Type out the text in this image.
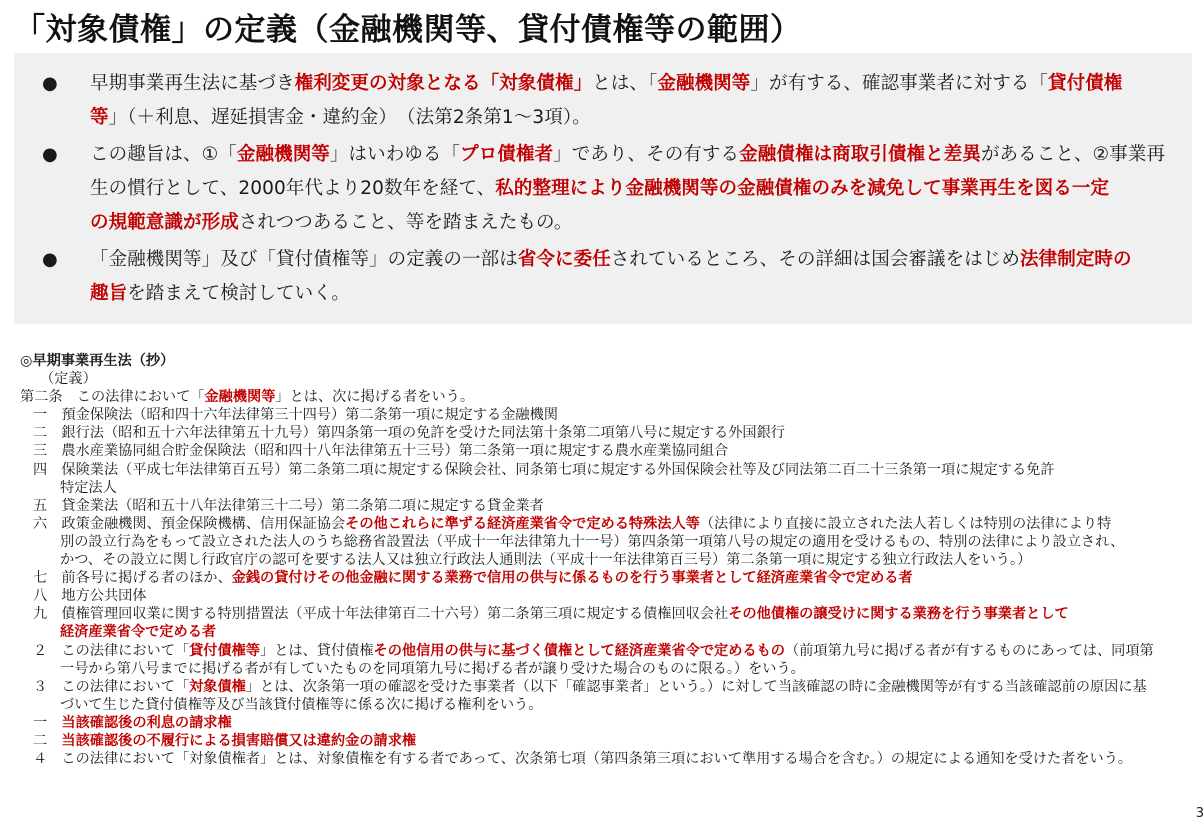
「対象債権」の定義（金融機関等、貸付債権等の範囲）
● 早期事業再生法に基づき権利変更の対象となる「対象債権」とは、「金融機関等」が有する、確認事業者に対する「貸付債権
等」（＋利息、遅延損害金・違約金）　（法第2条第1～3項）。
● この趣旨は、①「金融機関等」はいわゆる「プロ債権者」であり、その有する金融債権は商取引債権と差異があること、②事業再
生の慣行として、2000年代より20数年を経て、私的整理により金融機関等の金融債権のみを減免して事業再生を図る一定
の規範意識が形成されつつあること、等を踏まえたもの。
● 「金融機関等」及び「貸付債権等」の定義の一部は省令に委任されているところ、その詳細は国会審議をはじめ法律制定時の
趣旨を踏まえて検討していく。
◎早期事業再生法（抄）
（定義）
第二条　この法律において「金融機関等」とは、次に掲げる者をいう。
一　預金保険法（昭和四十六年法律第三十四号）第二条第一項に規定する金融機関
二　銀行法（昭和五十六年法律第五十九号）第四条第一項の免許を受けた同法第十条第二項第八号に規定する外国銀行
三　農水産業協同組合貯金保険法（昭和四十八年法律第五十三号）第二条第一項に規定する農水産業協同組合
四　保険業法（平成七年法律第百五号）第二条第二項に規定する保険会社、同条第七項に規定する外国保険会社等及び同法第二百二十三条第一項に規定する免許
特定法人
五　貸金業法（昭和五十八年法律第三十二号）第二条第二項に規定する貸金業者
六　政策金融機関、預金保険機構、信用保証協会その他これらに準ずる経済産業省令で定める特殊法人等（法律により直接に設立された法人若しくは特別の法律により特
別の設立行為をもって設立された法人のうち総務省設置法（平成十一年法律第九十一号）第四条第一項第八号の規定の適用を受けるもの、特別の法律により設立され、
かつ、その設立に関し行政官庁の認可を要する法人又は独立行政法人通則法（平成十一年法律第百三号）第二条第一項に規定する独立行政法人をいう。）
七　前各号に掲げる者のほか、金銭の貸付けその他金融に関する業務で信用の供与に係るものを行う事業者として経済産業省令で定める者
八　地方公共団体
九　債権管理回収業に関する特別措置法（平成十年法律第百二十六号）第二条第三項に規定する債権回収会社その他債権の譲受けに関する業務を行う事業者として
経済産業省令で定める者
２　この法律において「貸付債権等」とは、貸付債権その他信用の供与に基づく債権として経済産業省令で定めるもの（前項第九号に掲げる者が有するものにあっては、同項第
一号から第八号までに掲げる者が有していたものを同項第九号に掲げる者が譲り受けた場合のものに限る。）をいう。
３　この法律において「対象債権」とは、次条第一項の確認を受けた事業者（以下「確認事業者」という。）に対して当該確認の時に金融機関等が有する当該確認前の原因に基
づいて生じた貸付債権等及び当該貸付債権等に係る次に掲げる権利をいう。
一　当該確認後の利息の請求権
二　当該確認後の不履行による損害賠償又は違約金の請求権
４　この法律において「対象債権者」とは、対象債権を有する者であって、次条第七項（第四条第三項において準用する場合を含む。）の規定による通知を受けた者をいう。
3
